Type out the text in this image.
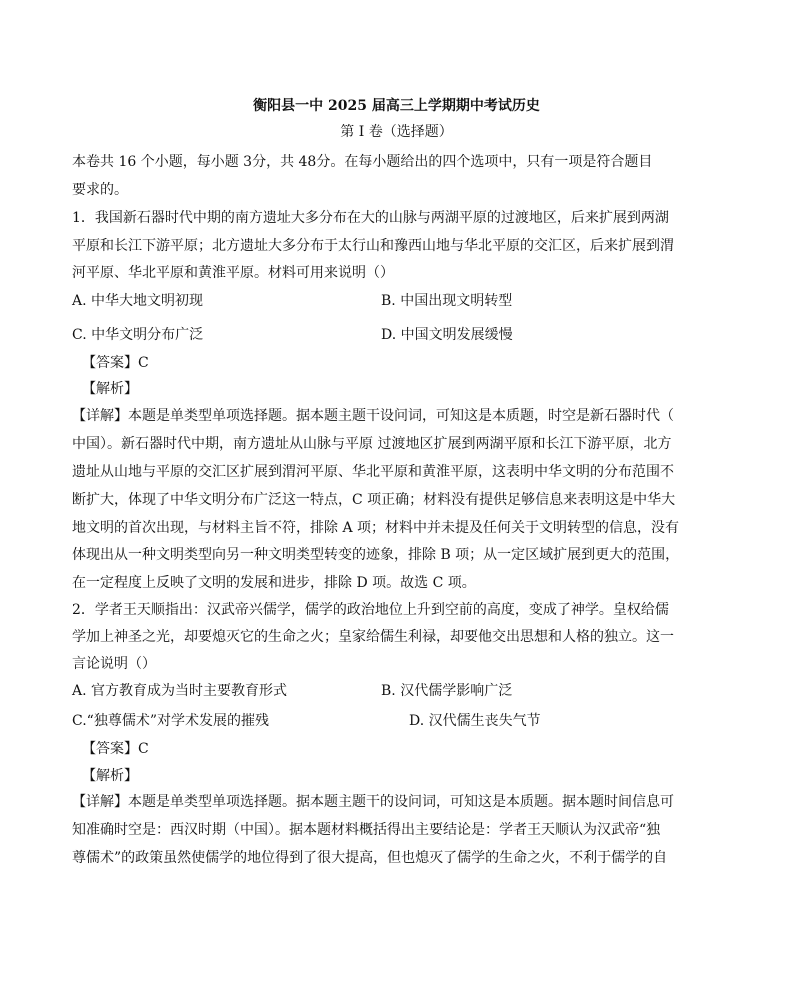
衡阳县一中 2025 届高三上学期期中考试历史
第 I 卷（选择题）
本卷共 16 个小题，每小题 3分，共 48分。在每小题给出的四个选项中，只有一项是符合题目
要求的。
1．我国新石器时代中期的南方遗址大多分布在大的山脉与两湖平原的过渡地区，后来扩展到两湖
平原和长江下游平原；北方遗址大多分布于太行山和豫西山地与华北平原的交汇区，后来扩展到渭
河平原、华北平原和黄淮平原。材料可用来说明（）
A. 中华大地文明初现	B. 中国出现文明转型
C. 中华文明分布广泛	D. 中国文明发展缓慢
【答案】C
【解析】
【详解】本题是单类型单项选择题。据本题主题干设问词，可知这是本质题，时空是新石器时代（
中国）。新石器时代中期，南方遗址从山脉与平原 过渡地区扩展到两湖平原和长江下游平原，北方
遗址从山地与平原的交汇区扩展到渭河平原、华北平原和黄淮平原，这表明中华文明的分布范围不
断扩大，体现了中华文明分布广泛这一特点，C 项正确；材料没有提供足够信息来表明这是中华大
地文明的首次出现，与材料主旨不符，排除 A 项；材料中并未提及任何关于文明转型的信息，没有
体现出从一种文明类型向另一种文明类型转变的迹象，排除 B 项；从一定区域扩展到更大的范围，
在一定程度上反映了文明的发展和进步，排除 D 项。故选 C 项。
2．学者王天顺指出：汉武帝兴儒学，儒学的政治地位上升到空前的高度，变成了神学。皇权给儒
学加上神圣之光，却要熄灭它的生命之火；皇家给儒生利禄，却要他交出思想和人格的独立。这一
言论说明（）
A. 官方教育成为当时主要教育形式	B. 汉代儒学影响广泛
C.“独尊儒术”对学术发展的摧残	D. 汉代儒生丧失气节
【答案】C
【解析】
【详解】本题是单类型单项选择题。据本题主题干的设问词，可知这是本质题。据本题时间信息可
知准确时空是：西汉时期（中国）。据本题材料概括得出主要结论是：学者王天顺认为汉武帝“独
尊儒术”的政策虽然使儒学的地位得到了很大提高，但也熄灭了儒学的生命之火，不利于儒学的自
